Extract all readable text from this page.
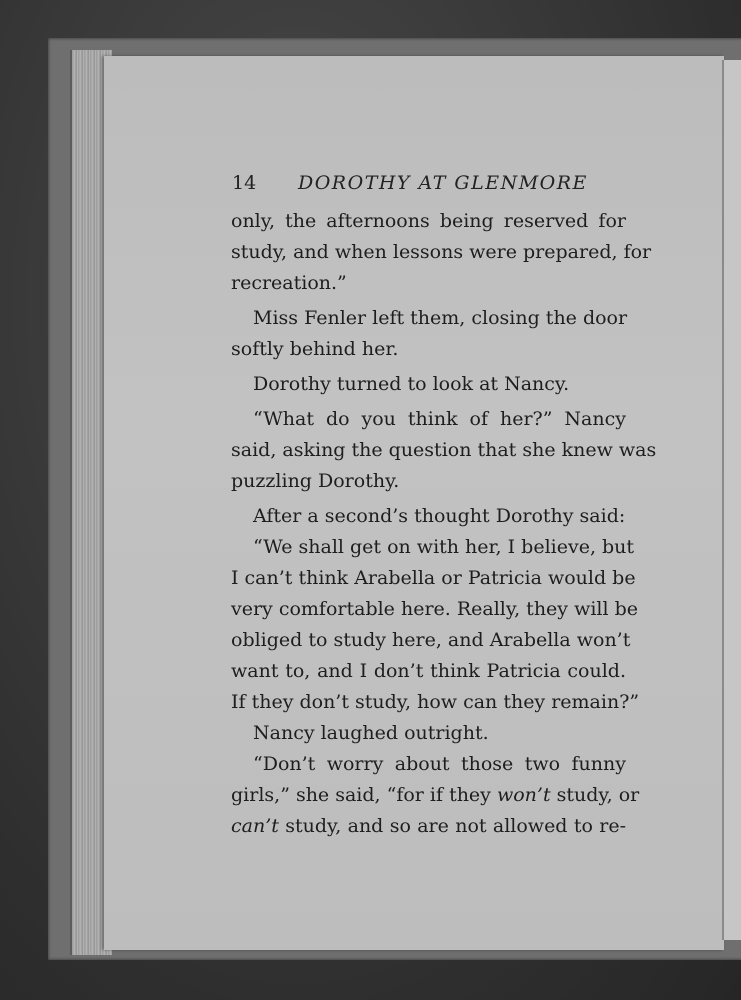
14 DOROTHY AT GLENMORE
only, the afternoons being reserved for
study, and when lessons were prepared, for
recreation.”
Miss Fenler left them, closing the door
softly behind her.
Dorothy turned to look at Nancy.
“What do you think of her?” Nancy
said, asking the question that she knew was
puzzling Dorothy.
After a second’s thought Dorothy said:
“We shall get on with her, I believe, but
I can’t think Arabella or Patricia would be
very comfortable here. Really, they will be
obliged to study here, and Arabella won’t
want to, and I don’t think Patricia could.
If they don’t study, how can they remain?”
Nancy laughed outright.
“Don’t worry about those two funny
girls,” she said, “for if they won’t study, or
can’t study, and so are not allowed to re-
